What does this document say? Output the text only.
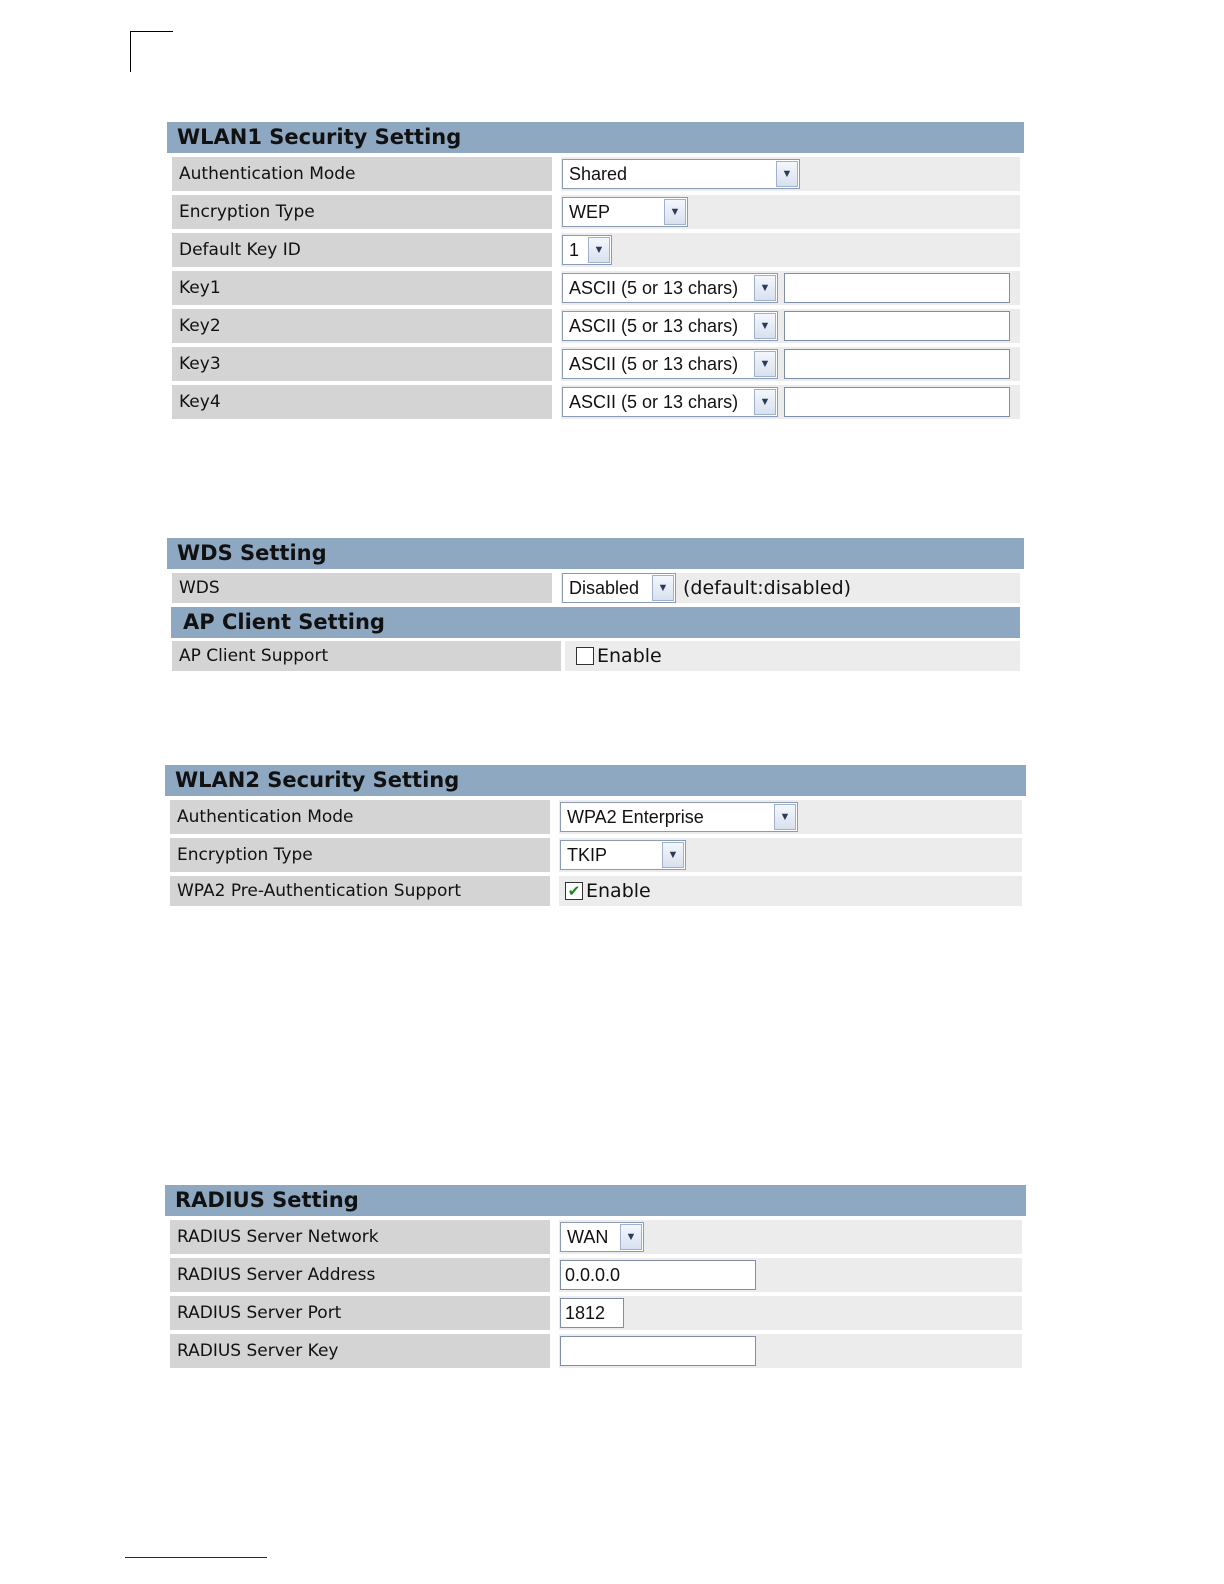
WLAN1 Security Setting
Authentication Mode	Shared	▼
Encryption Type	WEP	▼
Default Key ID	1	▼
Key1	ASCII (5 or 13 chars)	▼
Key2	ASCII (5 or 13 chars)	▼
Key3	ASCII (5 or 13 chars)	▼
Key4	ASCII (5 or 13 chars)	▼
WDS Setting
WDS	Disabled	▼ (default:disabled)
AP Client Setting
AP Client Support	Enable
WLAN2 Security Setting
Authentication Mode	WPA2 Enterprise	▼
Encryption Type	TKIP	▼
WPA2 Pre-Authentication Support	✔ Enable
RADIUS Setting
RADIUS Server Network	WAN	▼
RADIUS Server Address	0.0.0.0
RADIUS Server Port	1812
RADIUS Server Key
